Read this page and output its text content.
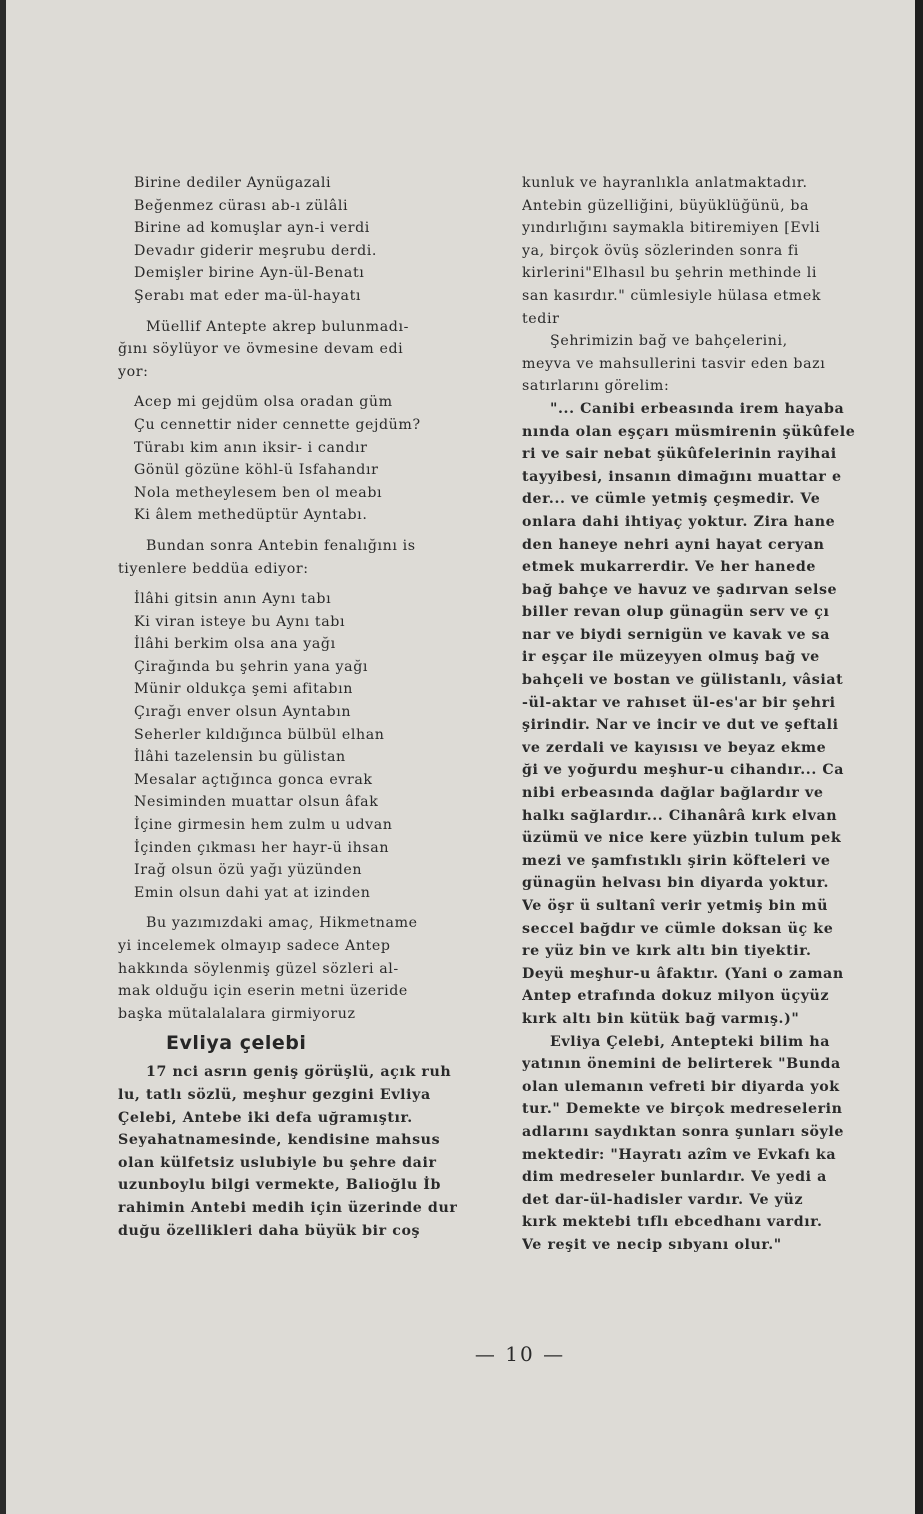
Birine dediler Aynügazali
Beğenmez cürası ab-ı zülâli
Birine ad komuşlar ayn-i verdi
Devadır giderir meşrubu derdi.
Demişler birine Ayn-ül-Benatı
Şerabı mat eder ma-ül-hayatı
Müellif Antepte akrep bulunmadı-
ğını söylüyor ve övmesine devam edi
yor:
Acep mi gejdüm olsa oradan güm
Çu cennettir nider cennette gejdüm?
Türabı kim anın iksir- i candır
Gönül gözüne köhl-ü Isfahandır
Nola metheylesem ben ol meabı
Ki âlem methedüptür Ayntabı.
Bundan sonra Antebin fenalığını is
tiyenlere beddüa ediyor:
İlâhi gitsin anın Aynı tabı
Ki viran isteye bu Aynı tabı
İlâhi berkim olsa ana yağı
Çirağında bu şehrin yana yağı
Münir oldukça şemi afitabın
Çırağı enver olsun Ayntabın
Seherler kıldığınca bülbül elhan
İlâhi tazelensin bu gülistan
Mesalar açtığınca gonca evrak
Nesiminden muattar olsun âfak
İçine girmesin hem zulm u udvan
İçinden çıkması her hayr-ü ihsan
Irağ olsun özü yağı yüzünden
Emin olsun dahi yat at izinden
Bu yazımızdaki amaç, Hikmetname
yi incelemek olmayıp sadece Antep
hakkında söylenmiş güzel sözleri al-
mak olduğu için eserin metni üzeride
başka mütalalalara girmiyoruz
Evliya çelebi
17 nci asrın geniş görüşlü, açık ruh
lu, tatlı sözlü, meşhur gezgini Evliya
Çelebi, Antebe iki defa uğramıştır.
Seyahatnamesinde, kendisine mahsus
olan külfetsiz uslubiyle bu şehre dair
uzunboylu bilgi vermekte, Balioğlu İb
rahimin Antebi medih için üzerinde dur
duğu özellikleri daha büyük bir coş
kunluk ve hayranlıkla anlatmaktadır.
Antebin güzelliğini, büyüklüğünü, ba
yındırlığını saymakla bitiremiyen [Evli
ya, birçok övüş sözlerinden sonra fi
kirlerini"Elhasıl bu şehrin methinde li
san kasırdır." cümlesiyle hülasa etmek
tedir
Şehrimizin bağ ve bahçelerini,
meyva ve mahsullerini tasvir eden bazı
satırlarını görelim:
"... Canibi erbeasında irem hayaba
nında olan eşçarı müsmirenin şükûfele
ri ve sair nebat şükûfelerinin rayihai
tayyibesi, insanın dimağını muattar e
der... ve cümle yetmiş çeşmedir. Ve
onlara dahi ihtiyaç yoktur. Zira hane
den haneye nehri ayni hayat ceryan
etmek mukarrerdir. Ve her hanede
bağ bahçe ve havuz ve şadırvan selse
biller revan olup günagün serv ve çı
nar ve biydi sernigün ve kavak ve sa
ir eşçar ile müzeyyen olmuş bağ ve
bahçeli ve bostan ve gülistanlı, vâsiat
-ül-aktar ve rahıset ül-es'ar bir şehri
şirindir. Nar ve incir ve dut ve şeftali
ve zerdali ve kayısısı ve beyaz ekme
ği ve yoğurdu meşhur-u cihandır... Ca
nibi erbeasında dağlar bağlardır ve
halkı sağlardır... Cihanârâ kırk elvan
üzümü ve nice kere yüzbin tulum pek
mezi ve şamfıstıklı şirin köfteleri ve
günagün helvası bin diyarda yoktur.
Ve öşr ü sultanî verir yetmiş bin mü
seccel bağdır ve cümle doksan üç ke
re yüz bin ve kırk altı bin tiyektir.
Deyü meşhur-u âfaktır. (Yani o zaman
Antep etrafında dokuz milyon üçyüz
kırk altı bin kütük bağ varmış.)"
Evliya Çelebi, Antepteki bilim ha
yatının önemini de belirterek "Bunda
olan ulemanın vefreti bir diyarda yok
tur." Demekte ve birçok medreselerin
adlarını saydıktan sonra şunları söyle
mektedir: "Hayratı azîm ve Evkafı ka
dim medreseler bunlardır. Ve yedi a
det dar-ül-hadisler vardır. Ve yüz
kırk mektebi tıflı ebcedhanı vardır.
Ve reşit ve necip sıbyanı olur."
— 10 —
